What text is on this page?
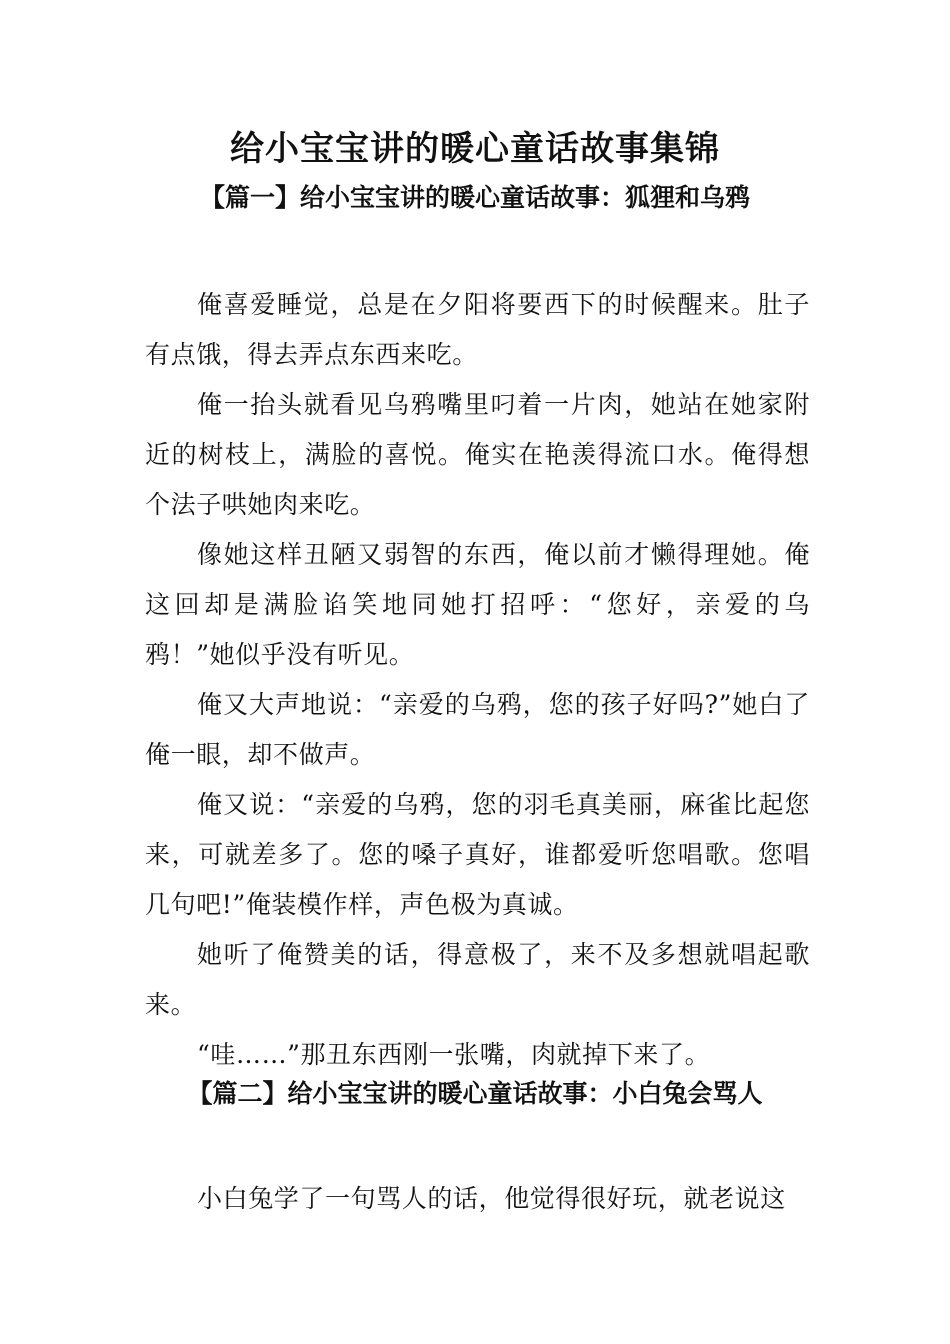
给小宝宝讲的暖心童话故事集锦
【篇一】给小宝宝讲的暖心童话故事：狐狸和乌鸦

俺喜爱睡觉，总是在夕阳将要西下的时候醒来。肚子有点饿，得去弄点东西来吃。

俺一抬头就看见乌鸦嘴里叼着一片肉，她站在她家附近的树枝上，满脸的喜悦。俺实在艳羡得流口水。俺得想个法子哄她肉来吃。

像她这样丑陋又弱智的东西，俺以前才懒得理她。俺这回却是满脸谄笑地同她打招呼：“您好，亲爱的乌鸦！”她似乎没有听见。

俺又大声地说：“亲爱的乌鸦，您的孩子好吗?”她白了俺一眼，却不做声。

俺又说：“亲爱的乌鸦，您的羽毛真美丽，麻雀比起您来，可就差多了。您的嗓子真好，谁都爱听您唱歌。您唱几句吧!”俺装模作样，声色极为真诚。

她听了俺赞美的话，得意极了，来不及多想就唱起歌来。

“哇……”那丑东西刚一张嘴，肉就掉下来了。

【篇二】给小宝宝讲的暖心童话故事：小白兔会骂人

小白兔学了一句骂人的话，他觉得很好玩，就老说这
